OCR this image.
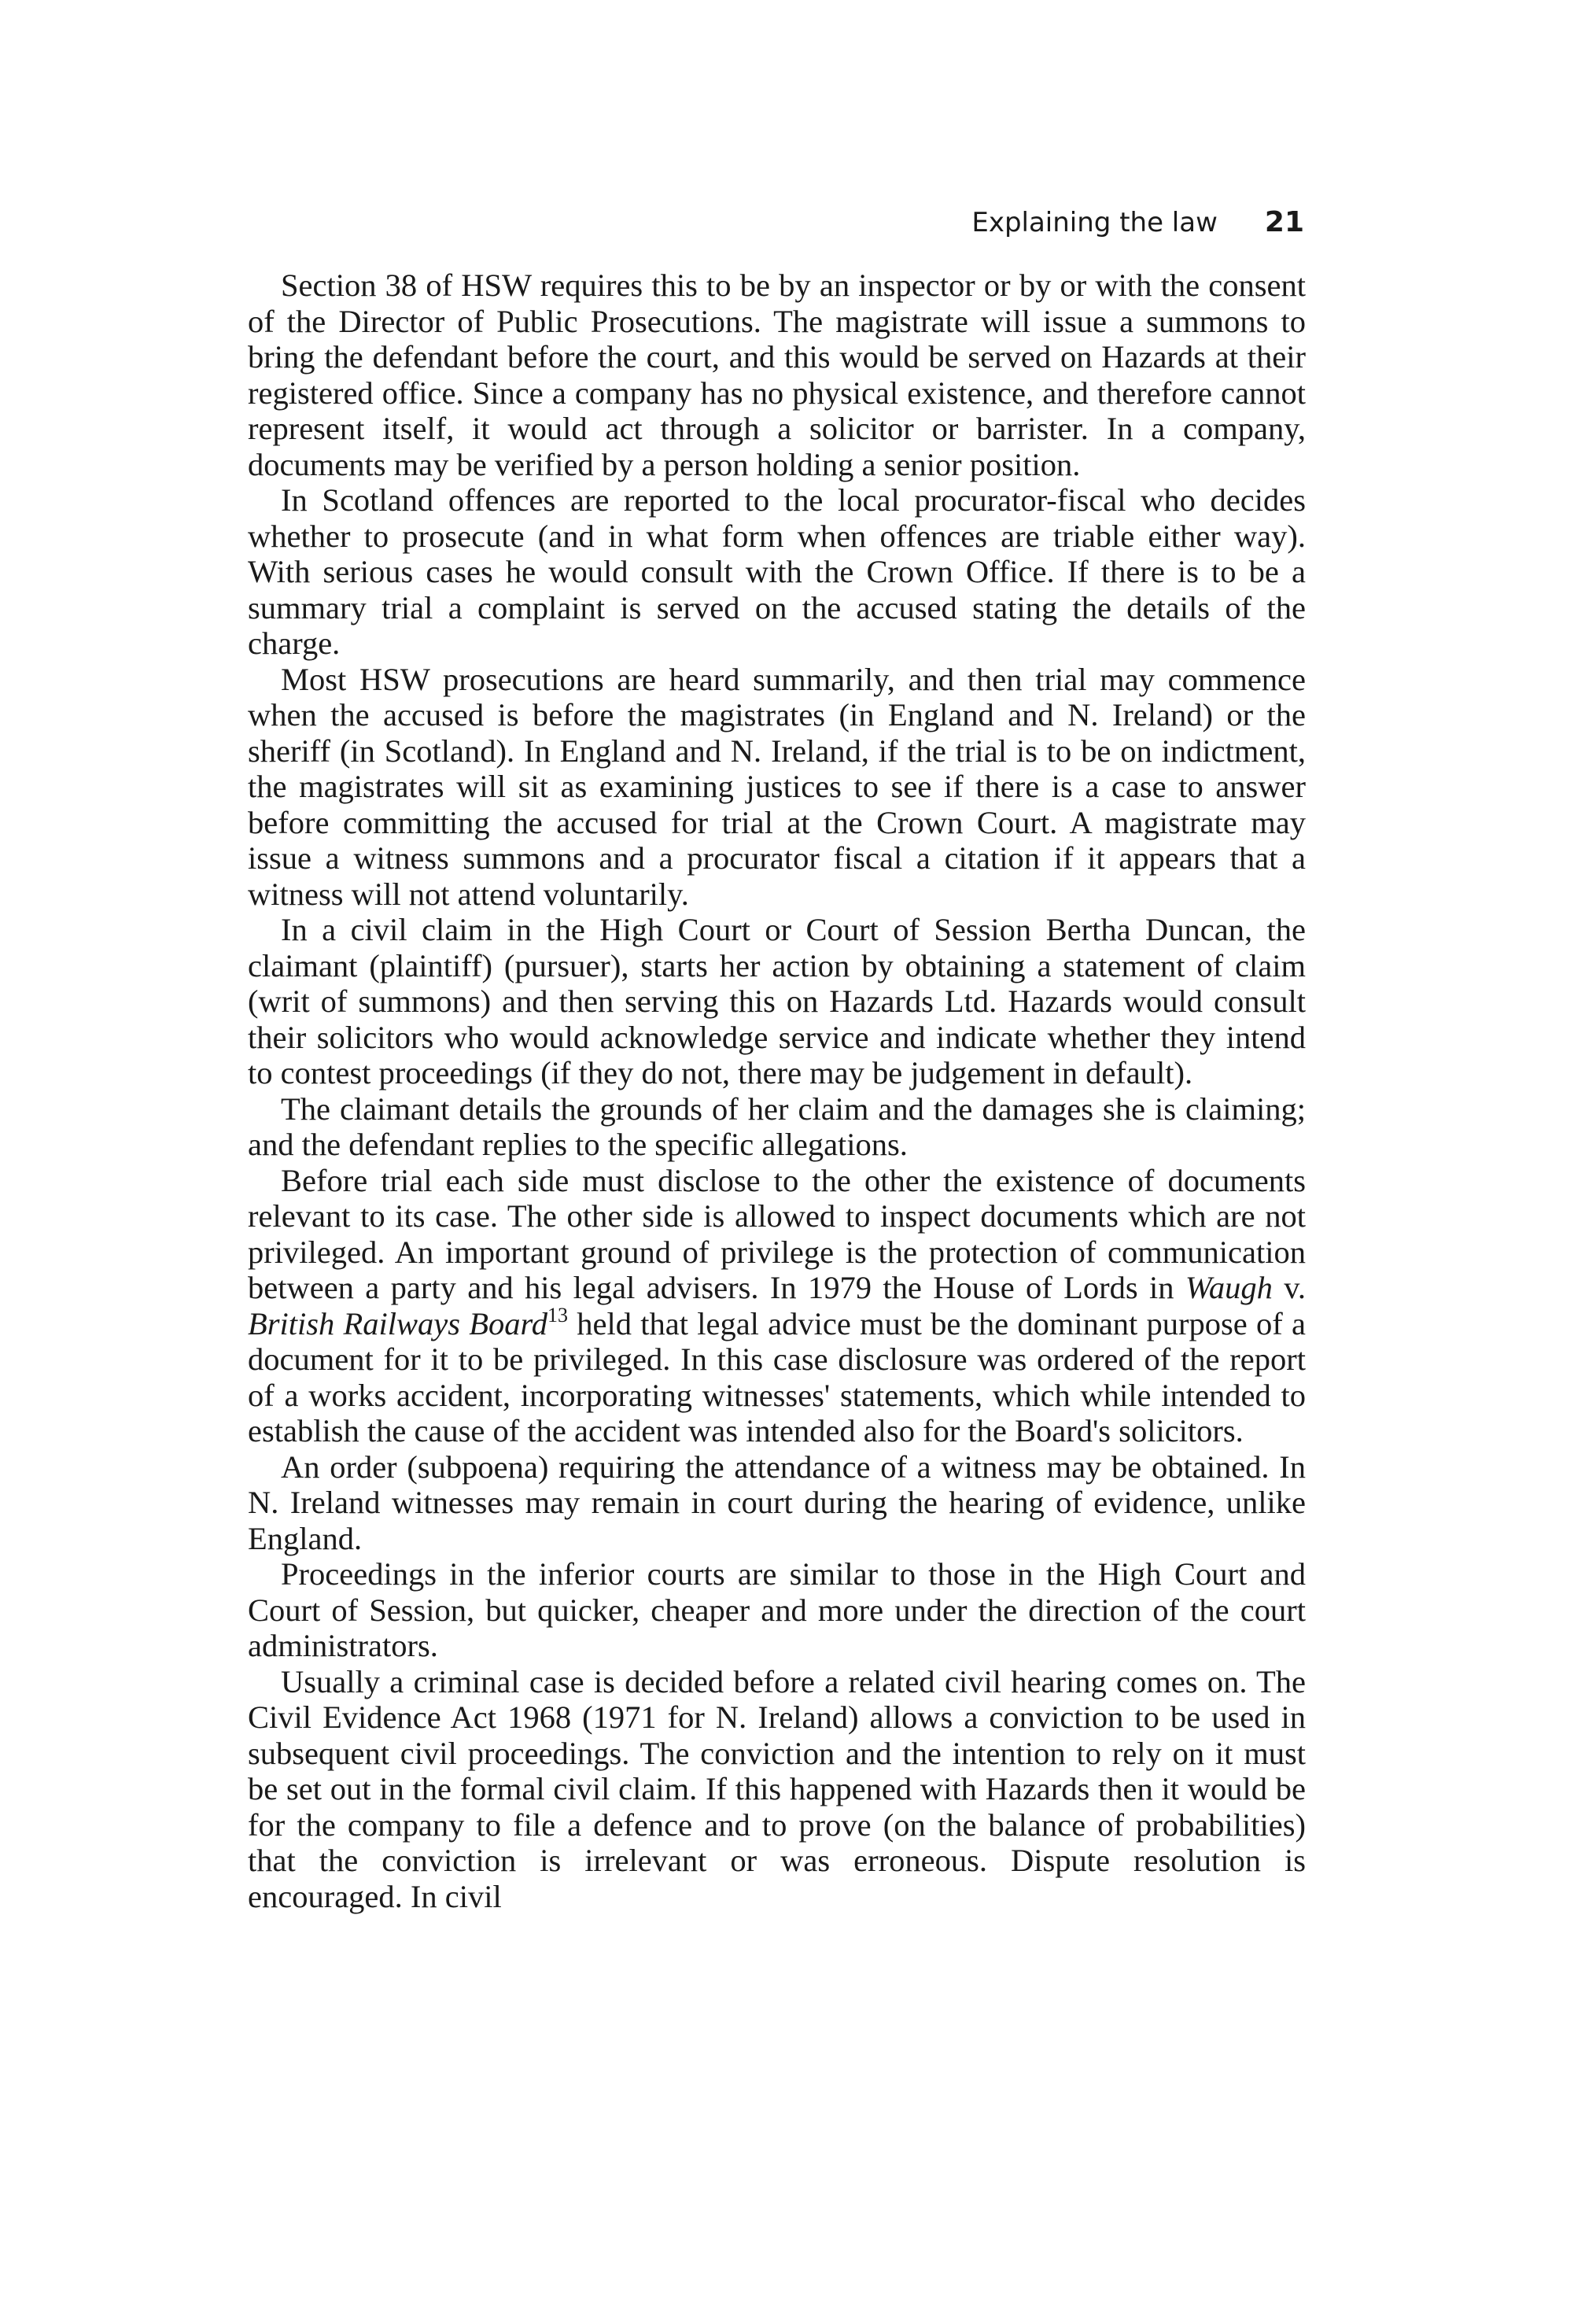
Explaining the law 21

Section 38 of HSW requires this to be by an inspector or by or with the consent of the Director of Public Prosecutions. The magistrate will issue a summons to bring the defendant before the court, and this would be served on Hazards at their registered office. Since a company has no physical existence, and therefore cannot represent itself, it would act through a solicitor or barrister. In a company, documents may be verified by a person holding a senior position.

In Scotland offences are reported to the local procurator-fiscal who decides whether to prosecute (and in what form when offences are triable either way). With serious cases he would consult with the Crown Office. If there is to be a summary trial a complaint is served on the accused stating the details of the charge.

Most HSW prosecutions are heard summarily, and then trial may commence when the accused is before the magistrates (in England and N. Ireland) or the sheriff (in Scotland). In England and N. Ireland, if the trial is to be on indictment, the magistrates will sit as examining justices to see if there is a case to answer before committing the accused for trial at the Crown Court. A magistrate may issue a witness summons and a procurator fiscal a citation if it appears that a witness will not attend voluntarily.

In a civil claim in the High Court or Court of Session Bertha Duncan, the claimant (plaintiff) (pursuer), starts her action by obtaining a statement of claim (writ of summons) and then serving this on Hazards Ltd. Hazards would consult their solicitors who would acknowledge service and indicate whether they intend to contest proceedings (if they do not, there may be judgement in default).

The claimant details the grounds of her claim and the damages she is claiming; and the defendant replies to the specific allegations.

Before trial each side must disclose to the other the existence of documents relevant to its case. The other side is allowed to inspect documents which are not privileged. An important ground of privilege is the protection of communication between a party and his legal advisers. In 1979 the House of Lords in Waugh v. British Railways Board$^{13}$ held that legal advice must be the dominant purpose of a document for it to be privileged. In this case disclosure was ordered of the report of a works accident, incorporating witnesses' statements, which while intended to establish the cause of the accident was intended also for the Board's solicitors.

An order (subpoena) requiring the attendance of a witness may be obtained. In N. Ireland witnesses may remain in court during the hearing of evidence, unlike England.

Proceedings in the inferior courts are similar to those in the High Court and Court of Session, but quicker, cheaper and more under the direction of the court administrators.

Usually a criminal case is decided before a related civil hearing comes on. The Civil Evidence Act 1968 (1971 for N. Ireland) allows a conviction to be used in subsequent civil proceedings. The conviction and the intention to rely on it must be set out in the formal civil claim. If this happened with Hazards then it would be for the company to file a defence and to prove (on the balance of probabilities) that the conviction is irrelevant or was erroneous. Dispute resolution is encouraged. In civil
